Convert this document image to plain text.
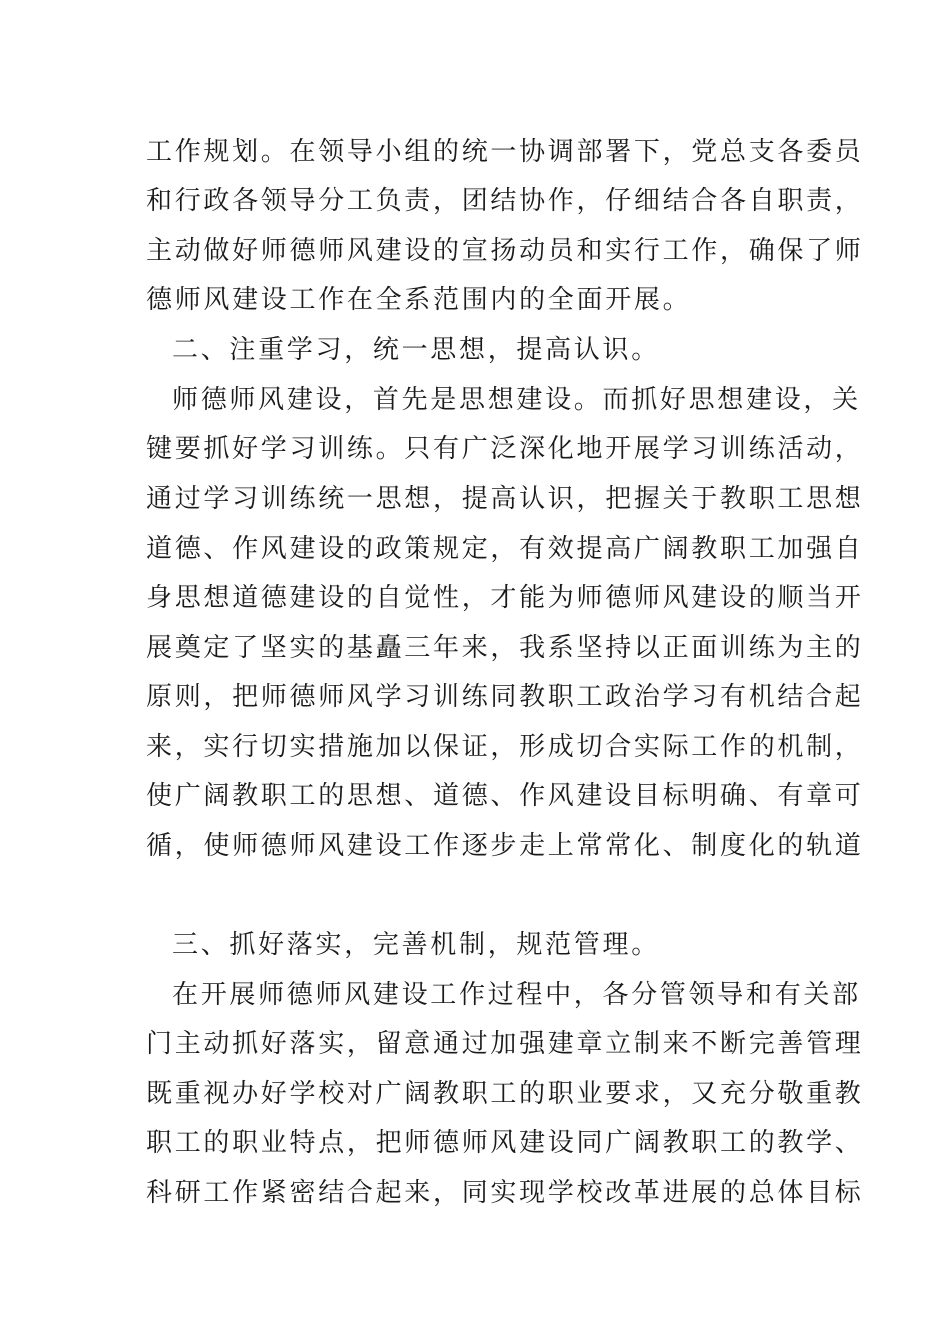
工作规划。在领导小组的统一协调部署下，党总支各委员
和行政各领导分工负责，团结协作，仔细结合各自职责，
主动做好师德师风建设的宣扬动员和实行工作，确保了师
德师风建设工作在全系范围内的全面开展。
二、注重学习，统一思想，提高认识。
师德师风建设，首先是思想建设。而抓好思想建设，关
键要抓好学习训练。只有广泛深化地开展学习训练活动，
通过学习训练统一思想，提高认识，把握关于教职工思想
道德、作风建设的政策规定，有效提高广阔教职工加强自
身思想道德建设的自觉性，才能为师德师风建设的顺当开
展奠定了坚实的基矗三年来，我系坚持以正面训练为主的
原则，把师德师风学习训练同教职工政治学习有机结合起
来，实行切实措施加以保证，形成切合实际工作的机制，
使广阔教职工的思想、道德、作风建设目标明确、有章可
循，使师德师风建设工作逐步走上常常化、制度化的轨道
三、抓好落实，完善机制，规范管理。
在开展师德师风建设工作过程中，各分管领导和有关部
门主动抓好落实，留意通过加强建章立制来不断完善管理
既重视办好学校对广阔教职工的职业要求，又充分敬重教
职工的职业特点，把师德师风建设同广阔教职工的教学、
科研工作紧密结合起来，同实现学校改革进展的总体目标
